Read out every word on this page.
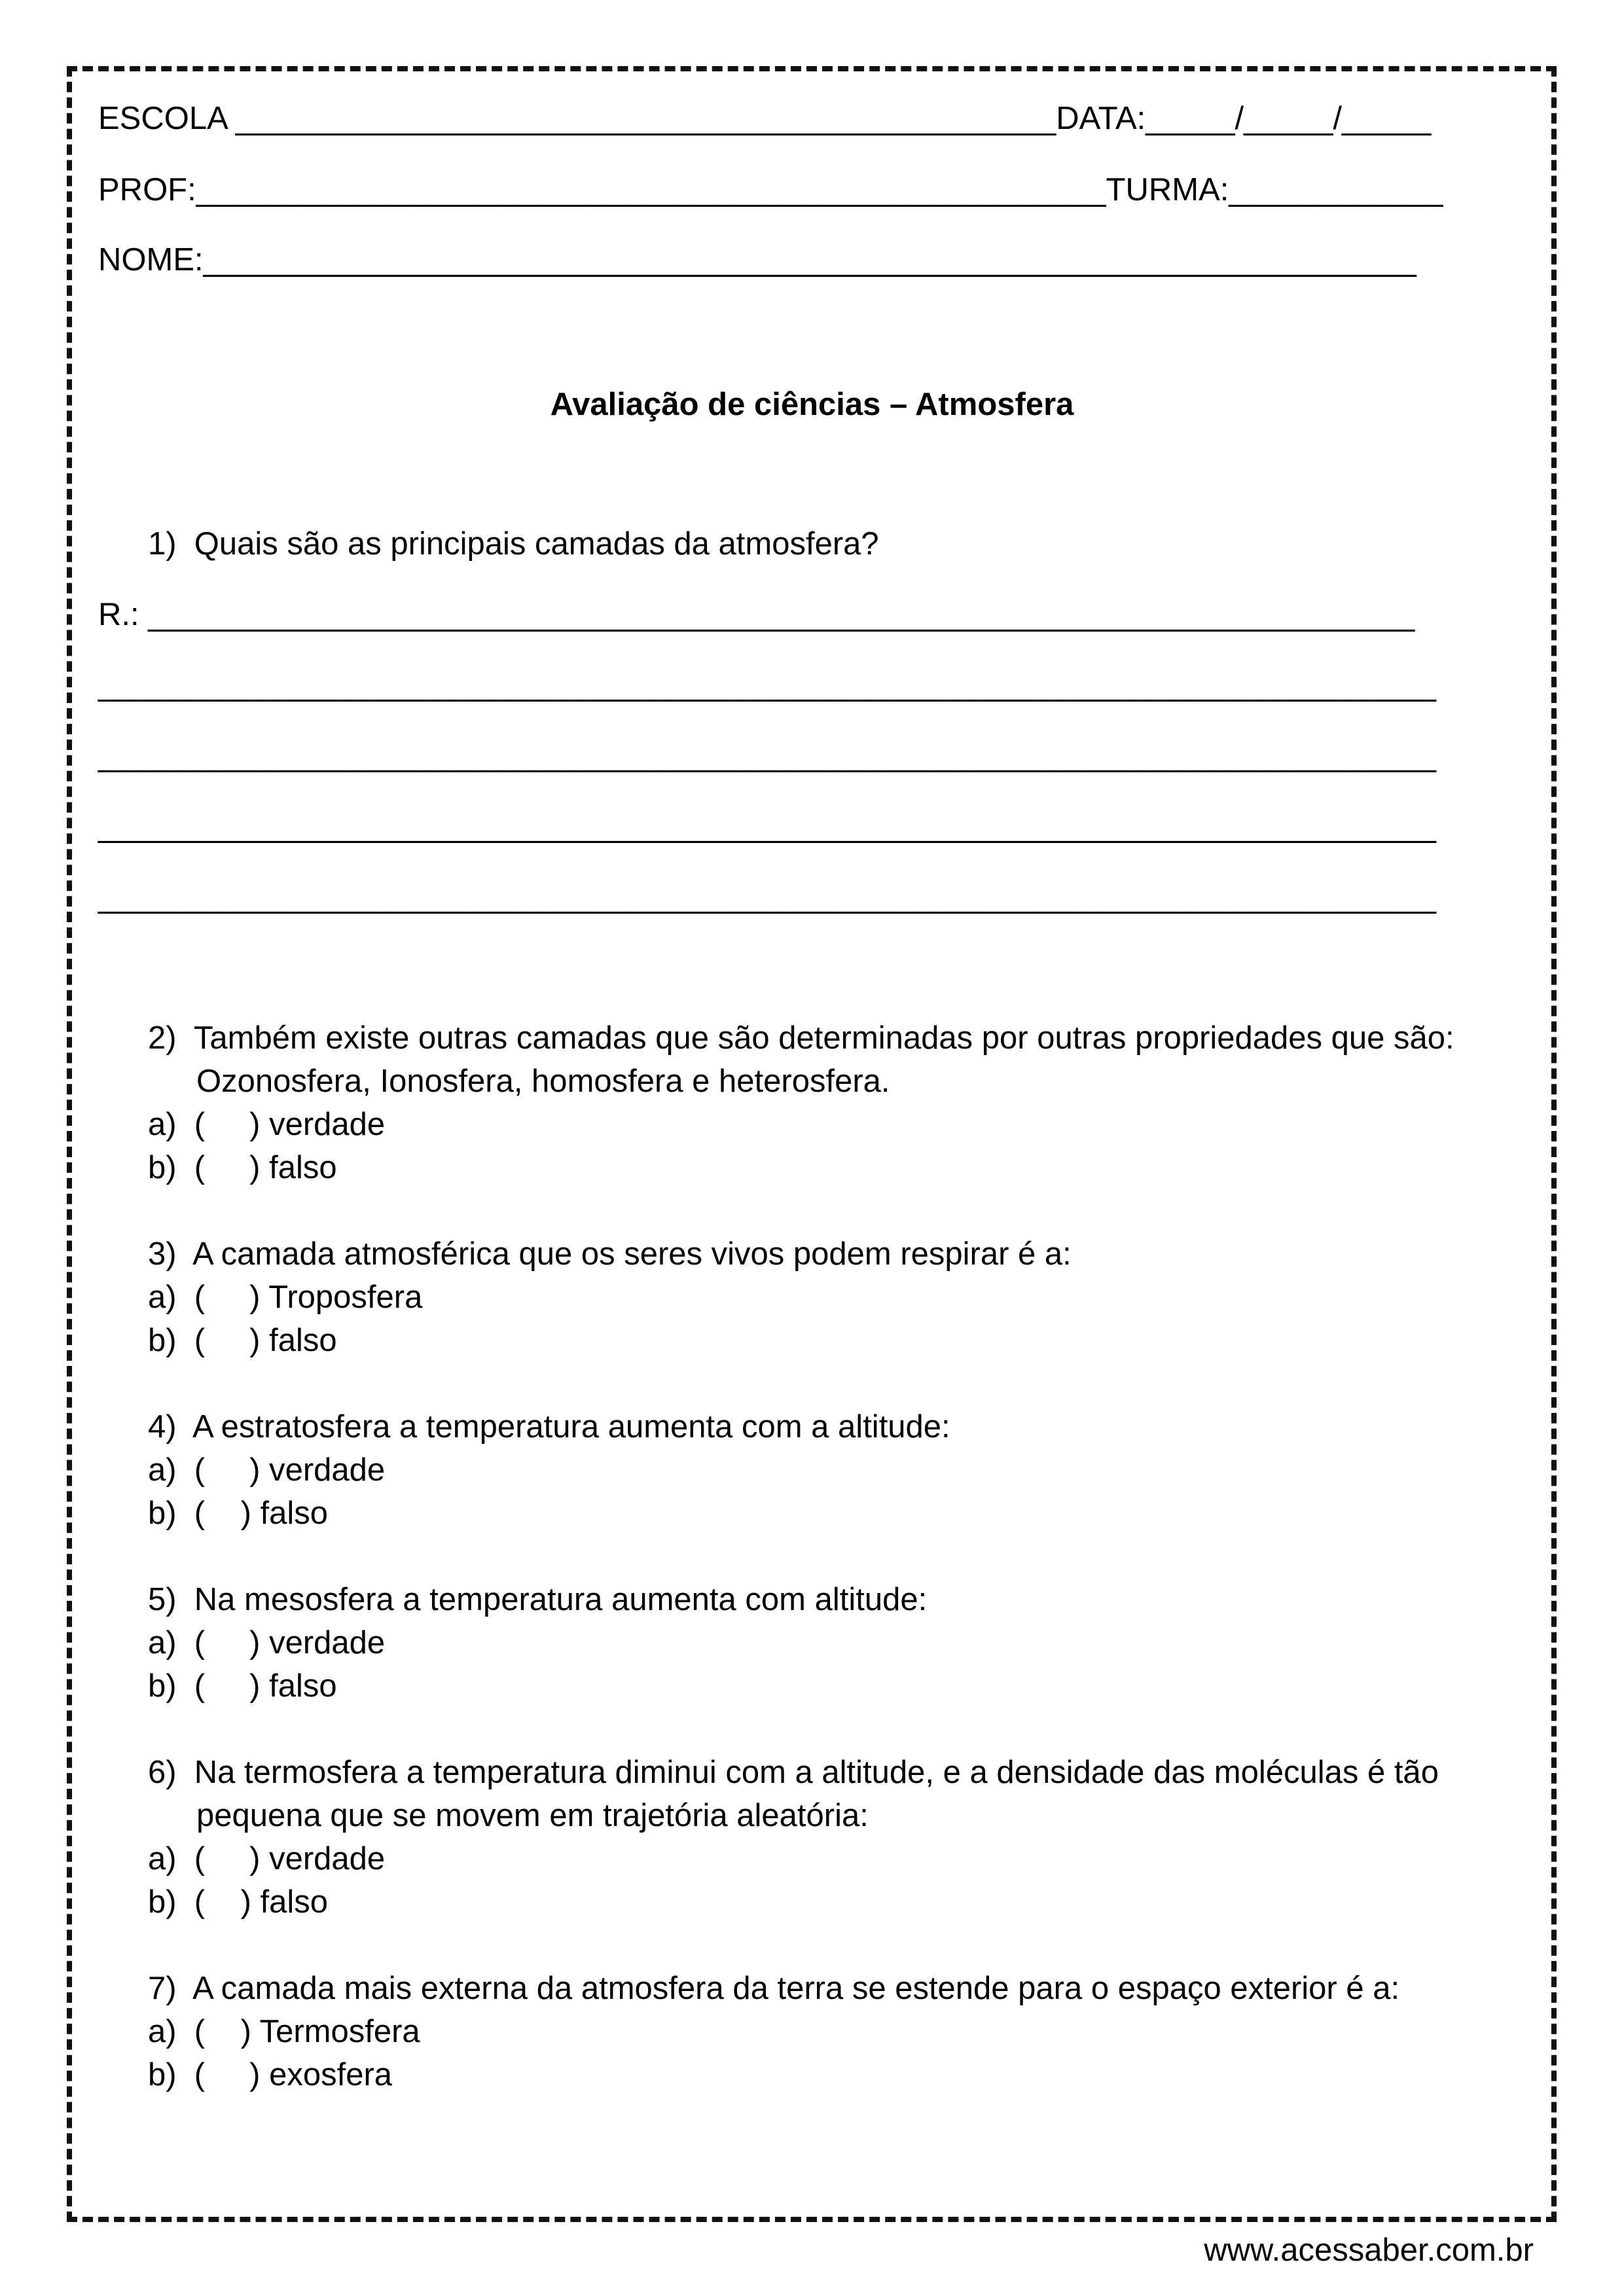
ESCOLA ______________________________________________DATA:_____/_____/_____
PROF:___________________________________________________TURMA:____________
NOME:____________________________________________________________________
Avaliação de ciências – Atmosfera
1)  Quais são as principais camadas da atmosfera?
R.: _______________________________________________________________________
___________________________________________________________________________
___________________________________________________________________________
___________________________________________________________________________
___________________________________________________________________________
2)  Também existe outras camadas que são determinadas por outras propriedades que são:
Ozonosfera, Ionosfera, homosfera e heterosfera.
a)  (     ) verdade
b)  (     ) falso
3)  A camada atmosférica que os seres vivos podem respirar é a:
a)  (     ) Troposfera
b)  (     ) falso
4)  A estratosfera a temperatura aumenta com a altitude:
a)  (     ) verdade
b)  (    ) falso
5)  Na mesosfera a temperatura aumenta com altitude:
a)  (     ) verdade
b)  (     ) falso
6)  Na termosfera a temperatura diminui com a altitude, e a densidade das moléculas é tão
pequena que se movem em trajetória aleatória:
a)  (     ) verdade
b)  (    ) falso
7)  A camada mais externa da atmosfera da terra se estende para o espaço exterior é a:
a)  (    ) Termosfera
b)  (     ) exosfera
www.acessaber.com.br
